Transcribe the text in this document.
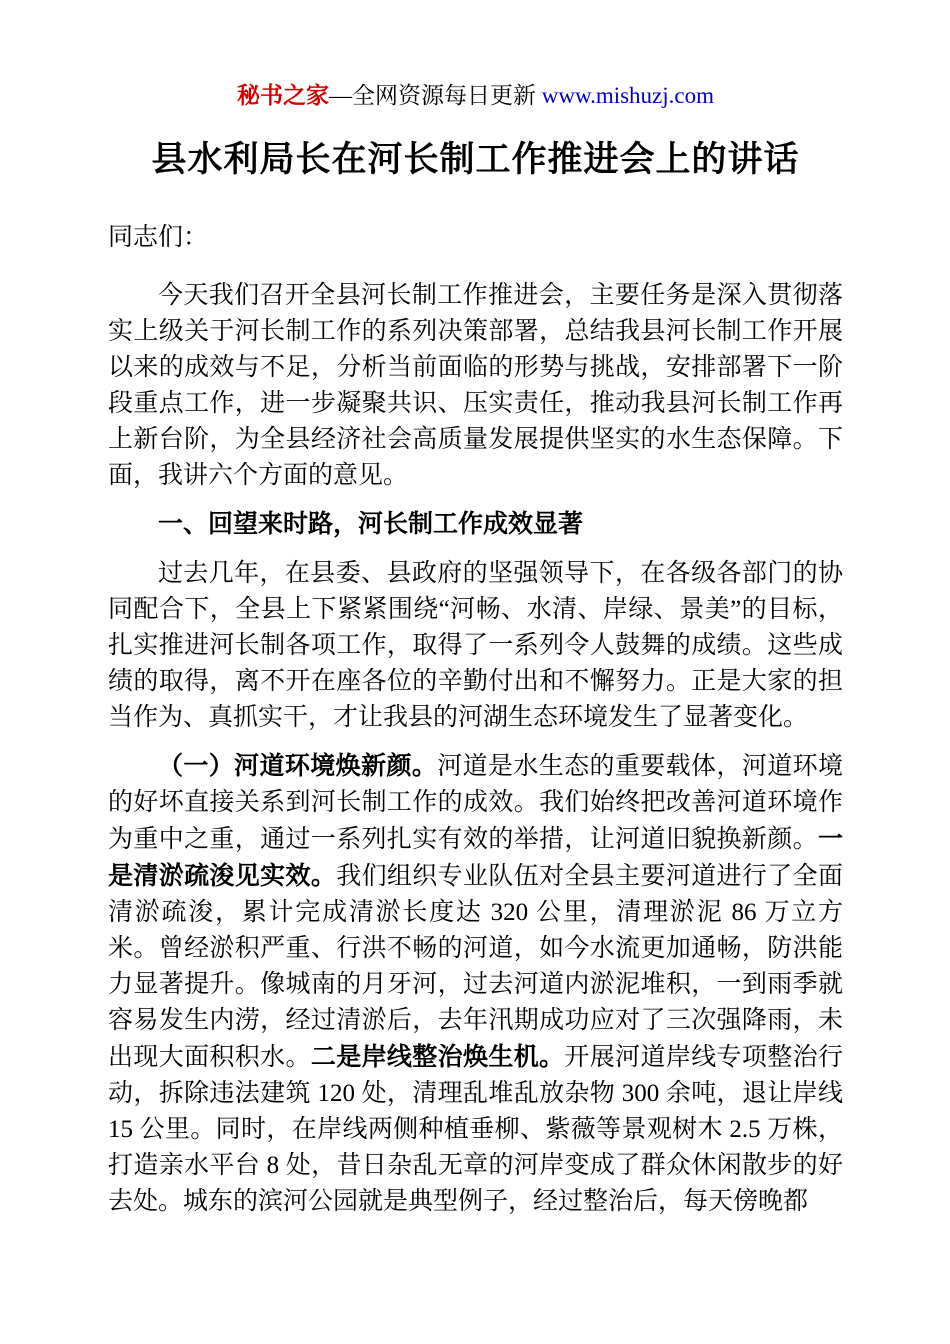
秘书之家—全网资源每日更新 www.mishuzj.com
县水利局长在河长制工作推进会上的讲话

同志们：

今天我们召开全县河长制工作推进会，主要任务是深入贯彻落实上级关于河长制工作的系列决策部署，总结我县河长制工作开展以来的成效与不足，分析当前面临的形势与挑战，安排部署下一阶段重点工作，进一步凝聚共识、压实责任，推动我县河长制工作再上新台阶，为全县经济社会高质量发展提供坚实的水生态保障。下面，我讲六个方面的意见。

一、回望来时路，河长制工作成效显著

过去几年，在县委、县政府的坚强领导下，在各级各部门的协同配合下，全县上下紧紧围绕“河畅、水清、岸绿、景美”的目标，扎实推进河长制各项工作，取得了一系列令人鼓舞的成绩。这些成绩的取得，离不开在座各位的辛勤付出和不懈努力。正是大家的担当作为、真抓实干，才让我县的河湖生态环境发生了显著变化。

（一）河道环境焕新颜。河道是水生态的重要载体，河道环境的好坏直接关系到河长制工作的成效。我们始终把改善河道环境作为重中之重，通过一系列扎实有效的举措，让河道旧貌换新颜。一是清淤疏浚见实效。我们组织专业队伍对全县主要河道进行了全面清淤疏浚，累计完成清淤长度达 320 公里，清理淤泥 86 万立方米。曾经淤积严重、行洪不畅的河道，如今水流更加通畅，防洪能力显著提升。像城南的月牙河，过去河道内淤泥堆积，一到雨季就容易发生内涝，经过清淤后，去年汛期成功应对了三次强降雨，未出现大面积积水。二是岸线整治焕生机。开展河道岸线专项整治行动，拆除违法建筑 120 处，清理乱堆乱放杂物 300 余吨，退让岸线 15 公里。同时，在岸线两侧种植垂柳、紫薇等景观树木 2.5 万株，打造亲水平台 8 处，昔日杂乱无章的河岸变成了群众休闲散步的好去处。城东的滨河公园就是典型例子，经过整治后，每天傍晚都
